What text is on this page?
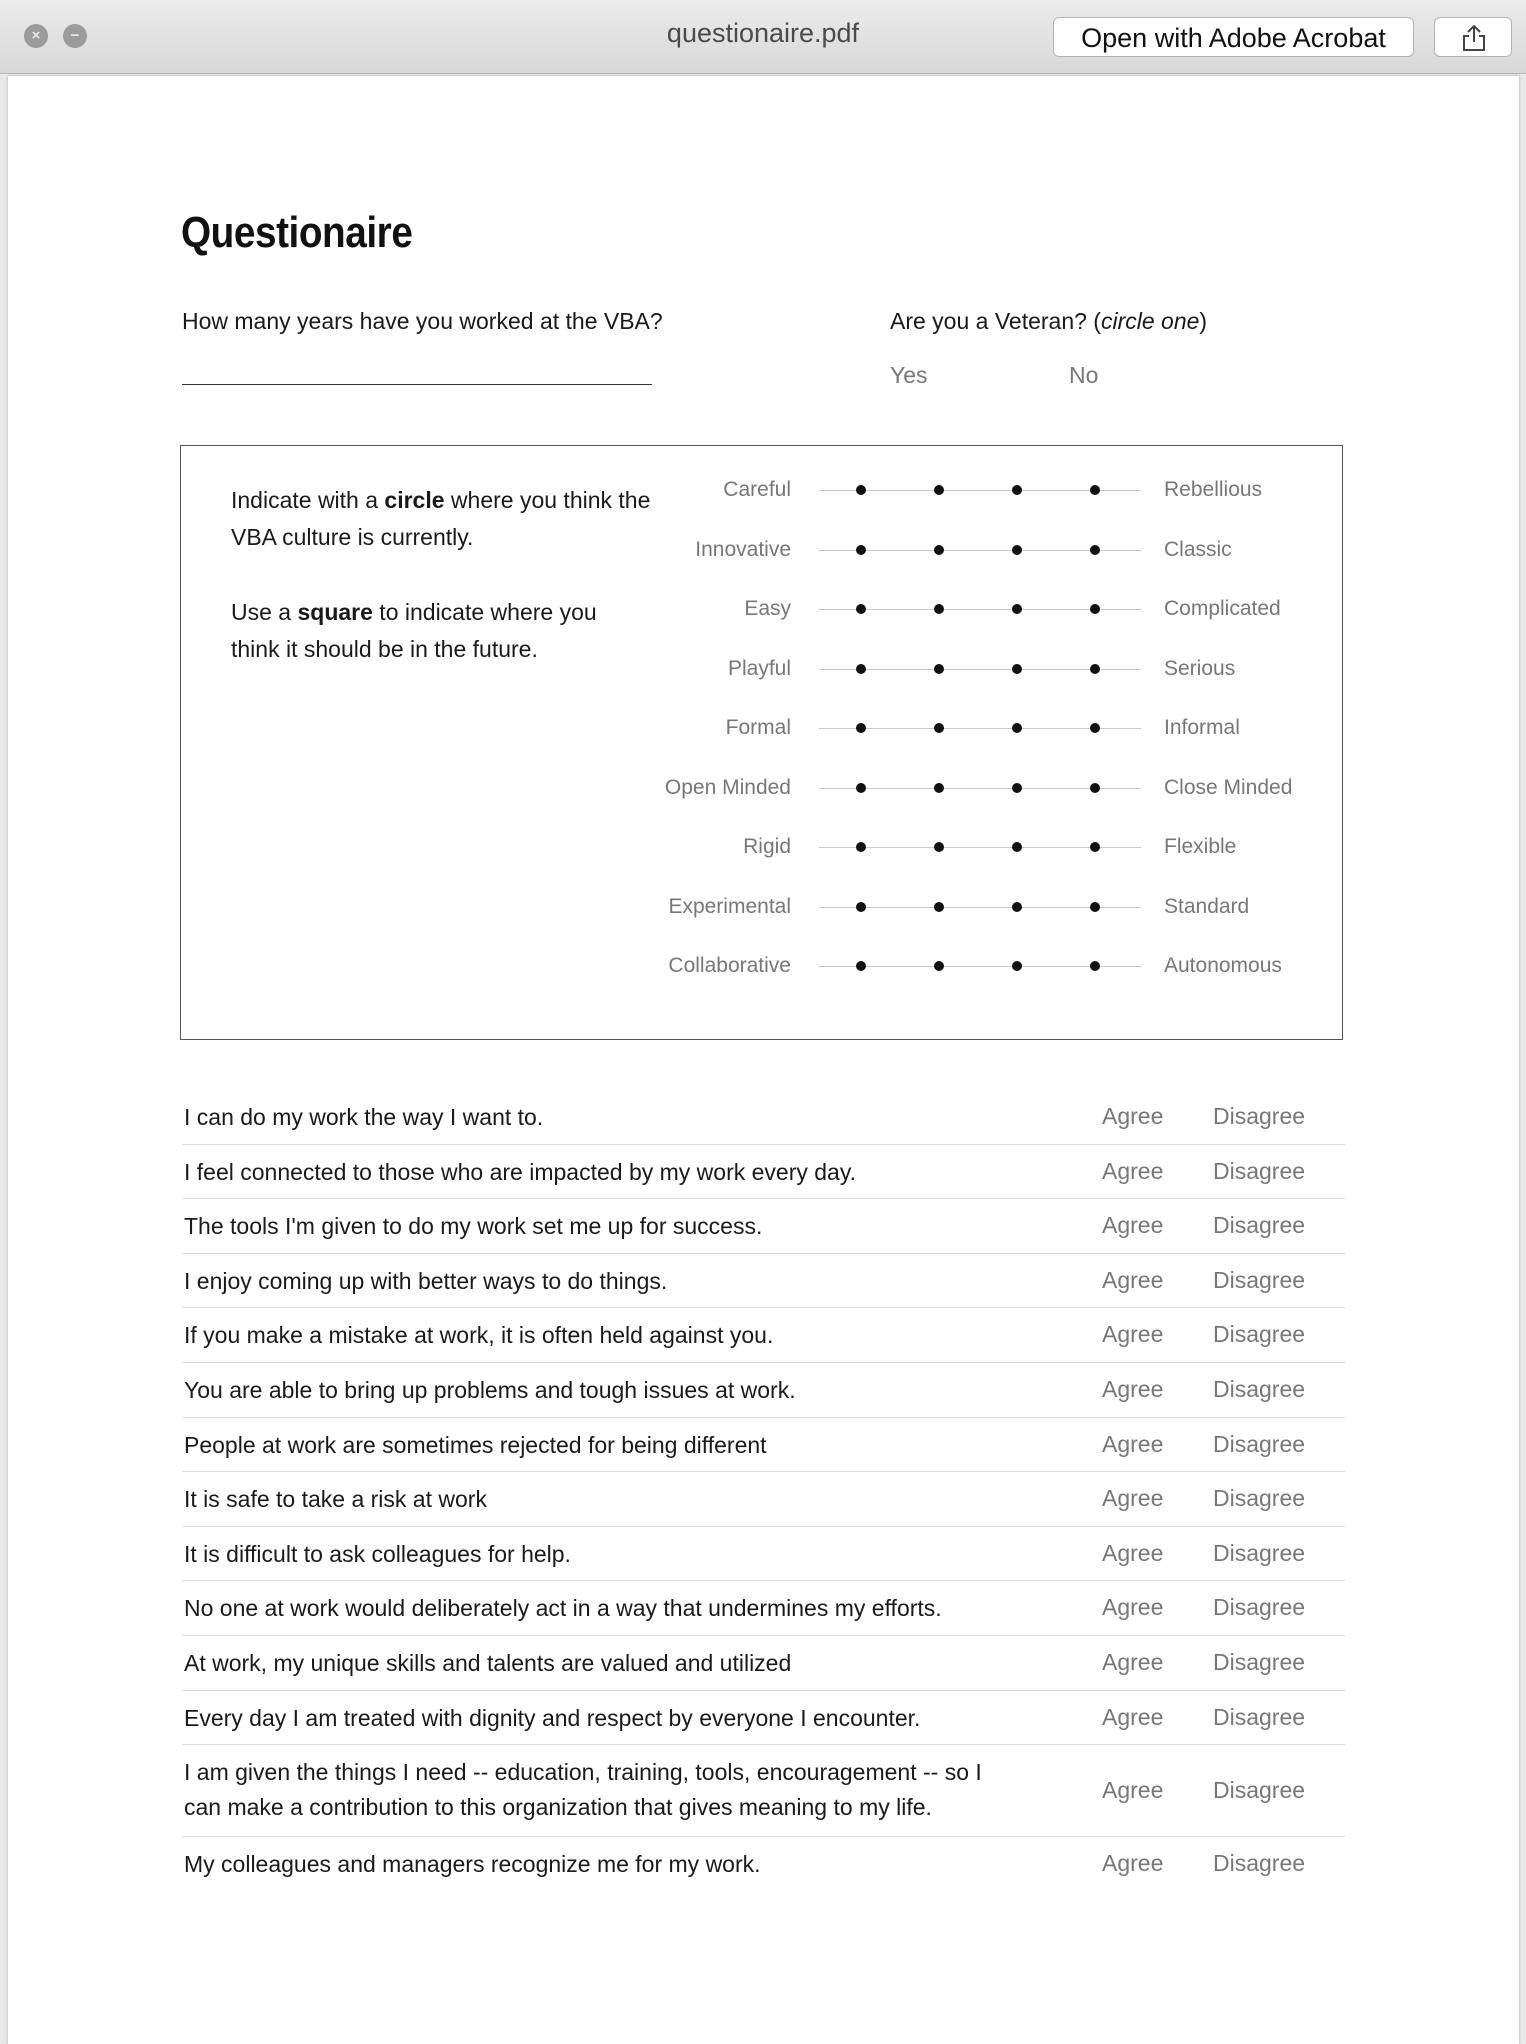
×	−	questionaire.pdf	Open with Adobe Acrobat
Questionaire
How many years have you worked at the VBA?	Are you a Veteran? (circle one)
Yes	No
Indicate with a circle where you think the VBA culture is currently.
Use a square to indicate where you think it should be in the future.
Careful	Rebellious
Innovative	Classic
Easy	Complicated
Playful	Serious
Formal	Informal
Open Minded	Close Minded
Rigid	Flexible
Experimental	Standard
Collaborative	Autonomous
I can do my work the way I want to.	Agree Disagree
I feel connected to those who are impacted by my work every day.	Agree Disagree
The tools I'm given to do my work set me up for success.	Agree Disagree
I enjoy coming up with better ways to do things.	Agree Disagree
If you make a mistake at work, it is often held against you.	Agree Disagree
You are able to bring up problems and tough issues at work.	Agree Disagree
People at work are sometimes rejected for being different	Agree Disagree
It is safe to take a risk at work	Agree Disagree
It is difficult to ask colleagues for help.	Agree Disagree
No one at work would deliberately act in a way that undermines my efforts.	Agree Disagree
At work, my unique skills and talents are valued and utilized	Agree Disagree
Every day I am treated with dignity and respect by everyone I encounter.	Agree Disagree
I am given the things I need -- education, training, tools, encouragement -- so I can make a contribution to this organization that gives meaning to my life.
Agree Disagree
My colleagues and managers recognize me for my work.	Agree Disagree
